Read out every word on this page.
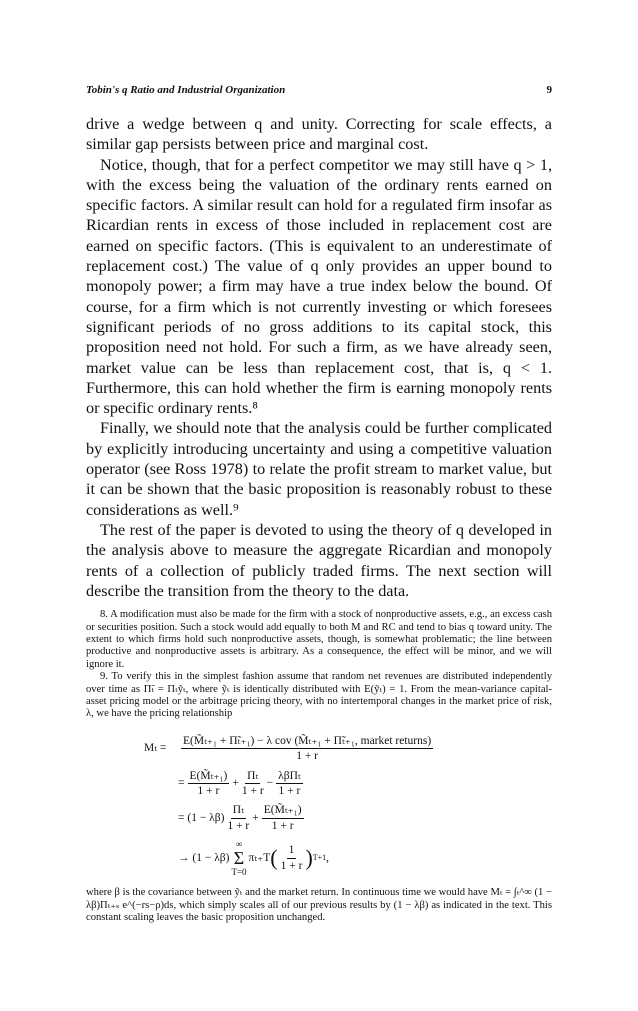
Tobin's q Ratio and Industrial Organization	9

drive a wedge between q and unity. Correcting for scale effects, a similar gap persists between price and marginal cost.

Notice, though, that for a perfect competitor we may still have q > 1, with the excess being the valuation of the ordinary rents earned on specific factors. A similar result can hold for a regulated firm insofar as Ricardian rents in excess of those included in replacement cost are earned on specific factors. (This is equivalent to an underestimate of replacement cost.) The value of q only provides an upper bound to monopoly power; a firm may have a true index below the bound. Of course, for a firm which is not currently investing or which foresees significant periods of no gross additions to its capital stock, this proposition need not hold. For such a firm, as we have already seen, market value can be less than replacement cost, that is, q < 1. Furthermore, this can hold whether the firm is earning monopoly rents or specific ordinary rents.⁸

Finally, we should note that the analysis could be further complicated by explicitly introducing uncertainty and using a competitive valuation operator (see Ross 1978) to relate the profit stream to market value, but it can be shown that the basic proposition is reasonably robust to these considerations as well.⁹

The rest of the paper is devoted to using the theory of q developed in the analysis above to measure the aggregate Ricardian and monopoly rents of a collection of publicly traded firms. The next section will describe the transition from the theory to the data.

8. A modification must also be made for the firm with a stock of nonproductive assets, e.g., an excess cash or securities position. Such a stock would add equally to both M and RC and tend to bias q toward unity. The extent to which firms hold such nonproductive assets, though, is somewhat problematic; the line between productive and nonproductive assets is arbitrary. As a consequence, the effect will be minor, and we will ignore it.

9. To verify this in the simplest fashion assume that random net revenues are distributed independently over time as Π̃ₜ = Πₜỹₜ, where ỹₜ is identically distributed with E(ỹₜ) = 1. From the mean-variance capital-asset pricing model or the arbitrage pricing theory, with no intertemporal changes in the market price of risk, λ, we have the pricing relationship

Mₜ =	$\frac{\text{E(M̃ₜ₊₁ + Π̃ₜ₊₁) − λ cov (M̃ₜ₊₁ + Π̃ₜ₊₁, market returns)}}{1 + r}$
= $\frac{\text{E(M̃ₜ₊₁)}}{1 + r} + \frac{\text{Πₜ}}{1 + r} - \frac{\text{λβΠₜ}}{1 + r}$
= $(1 - \lambda\beta) \frac{\text{Πₜ}}{1 + r} + \frac{\text{E(M̃ₜ₊₁)}}{1 + r}$
→ (1 − λβ)
∞
Σ
T=0
πₜ₊T ( $\frac{1}{1 + r}$ ) T+1 ,

where β is the covariance between ỹₜ and the market return. In continuous time we would have Mₜ = ∫ₜ^∞ (1 − λβ)Πₜ₊ₛ e^(−rs−ρ)ds, which simply scales all of our previous results by (1 − λβ) as indicated in the text. This constant scaling leaves the basic proposition unchanged.
